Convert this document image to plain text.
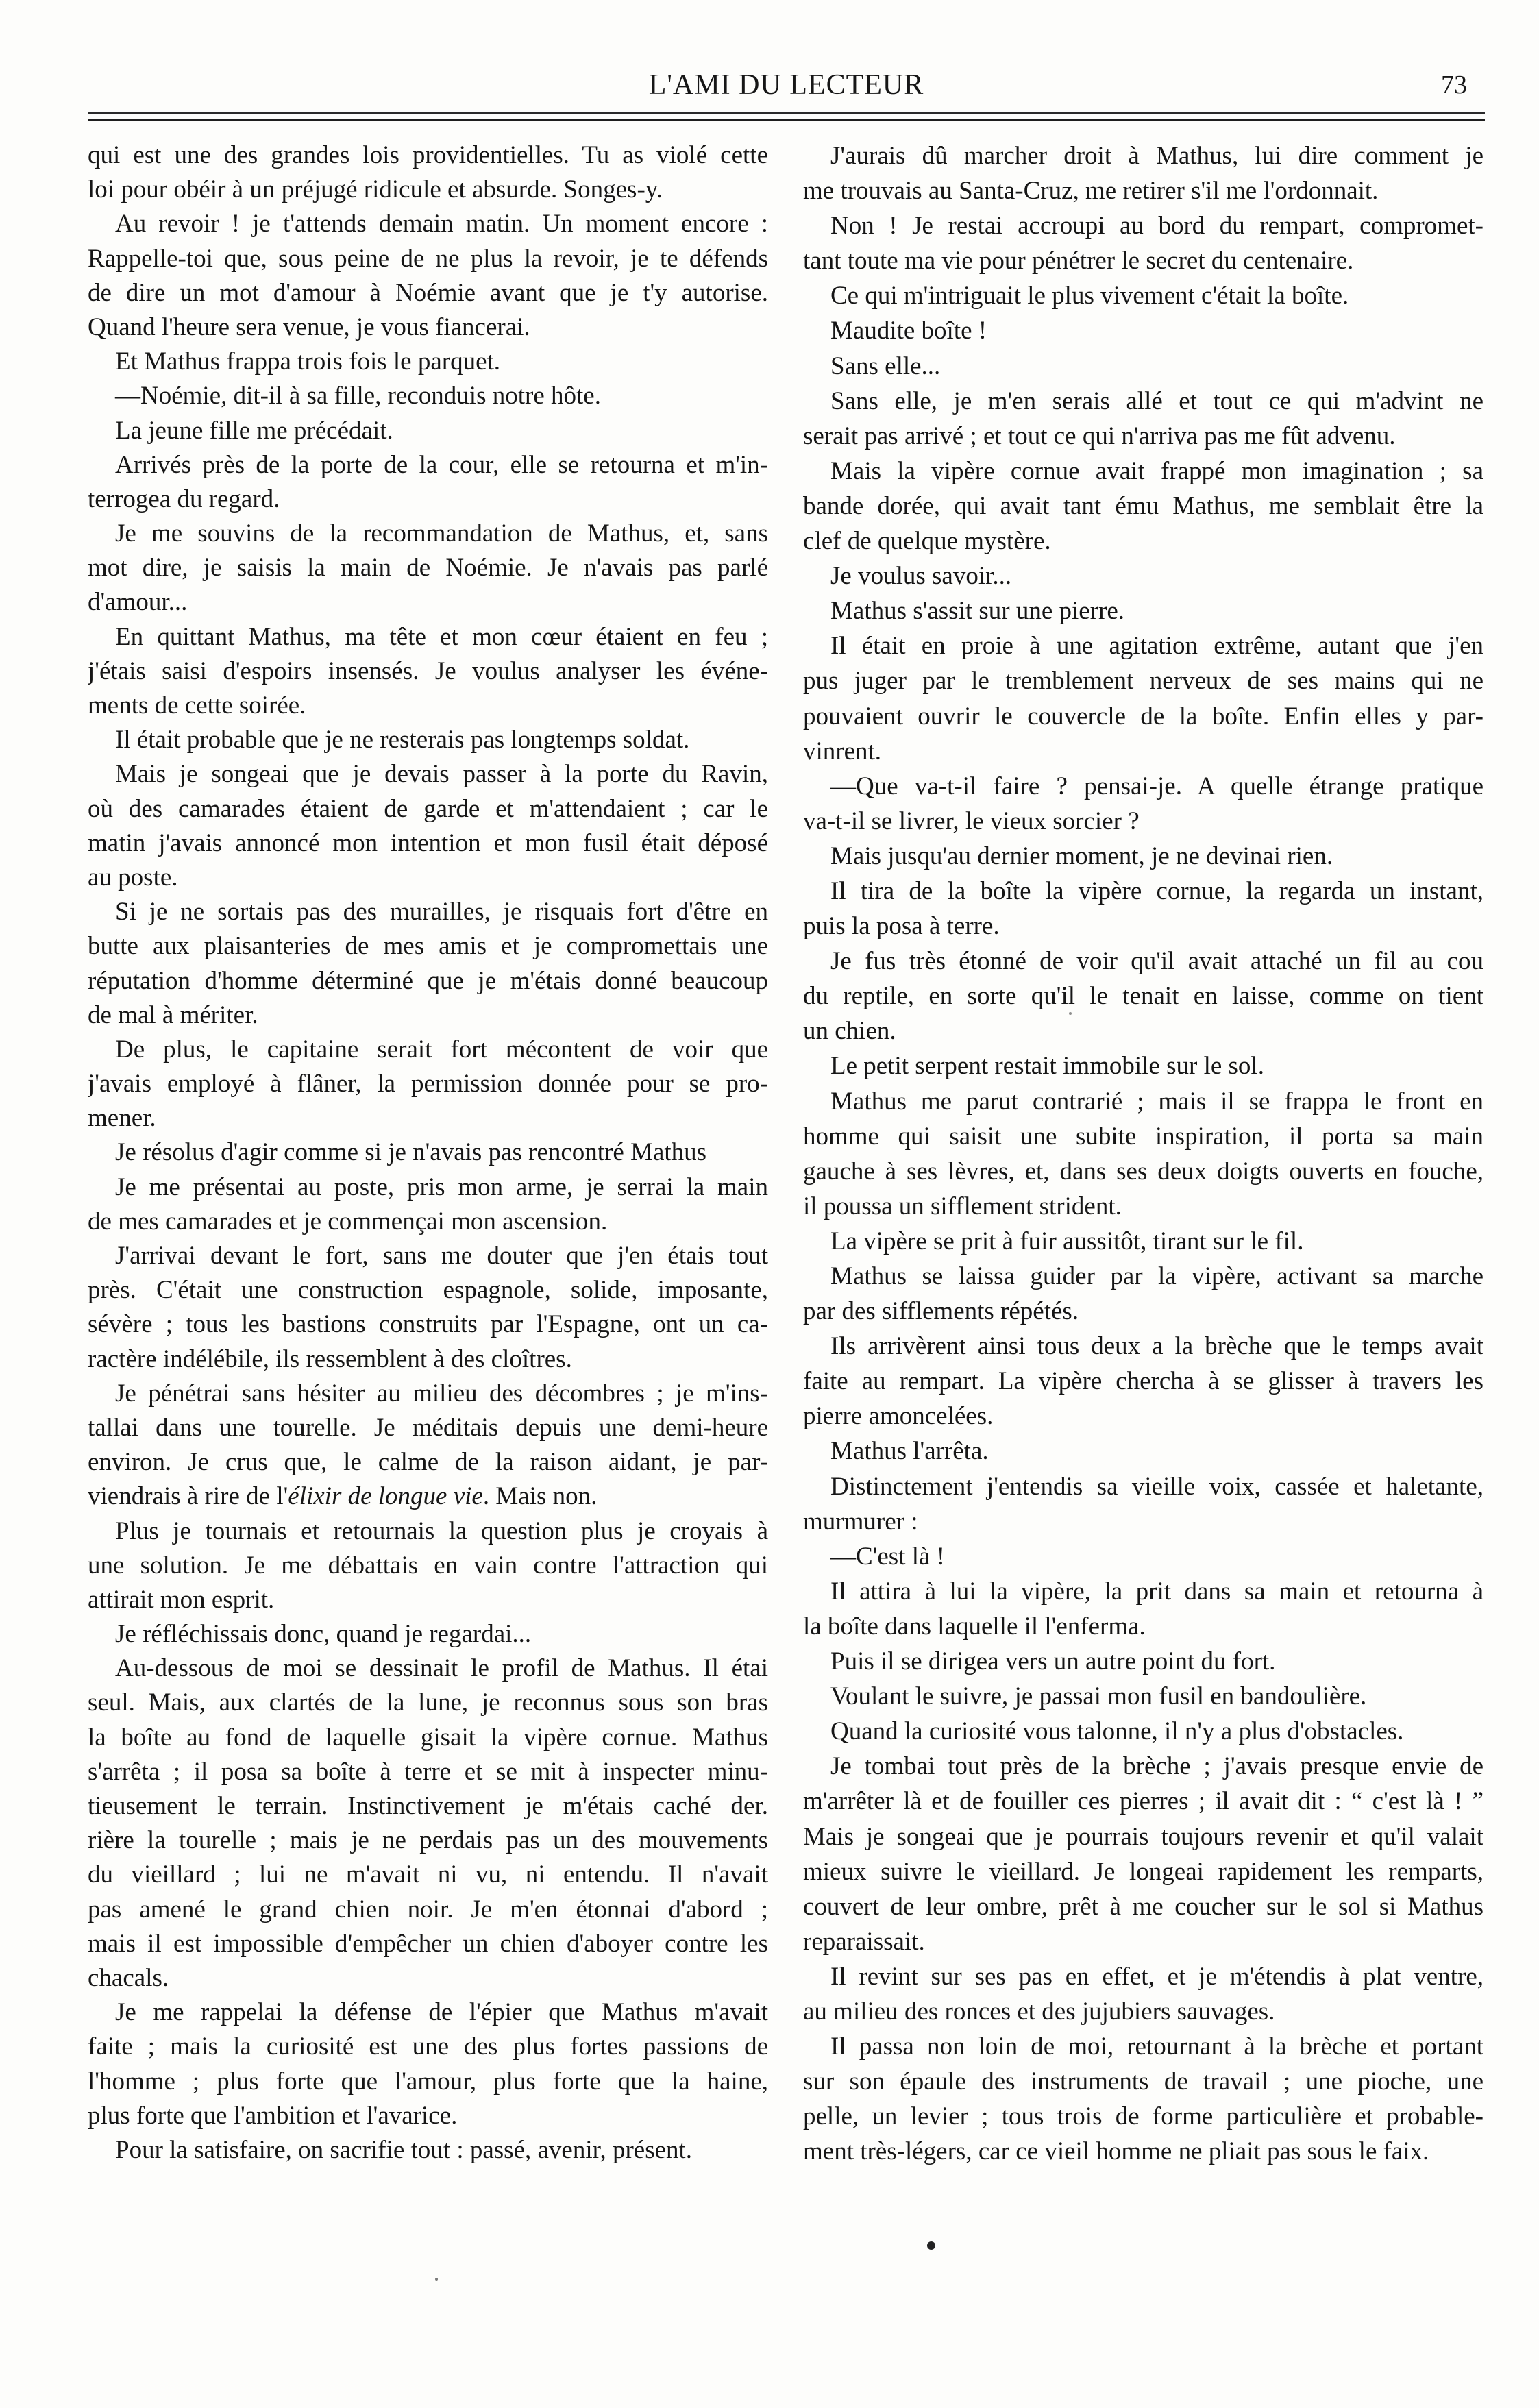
L'AMI DU LECTEUR	73
qui est une des grandes lois providentielles. Tu as violé cette
loi pour obéir à un préjugé ridicule et absurde. Songes-y.
Au revoir ! je t'attends demain matin. Un moment encore :
Rappelle-toi que, sous peine de ne plus la revoir, je te défends
de dire un mot d'amour à Noémie avant que je t'y autorise.
Quand l'heure sera venue, je vous fiancerai.
Et Mathus frappa trois fois le parquet.
—Noémie, dit-il à sa fille, reconduis notre hôte.
La jeune fille me précédait.
Arrivés près de la porte de la cour, elle se retourna et m'in-
terrogea du regard.
Je me souvins de la recommandation de Mathus, et, sans
mot dire, je saisis la main de Noémie. Je n'avais pas parlé
d'amour...
En quittant Mathus, ma tête et mon cœur étaient en feu ;
j'étais saisi d'espoirs insensés. Je voulus analyser les événe-
ments de cette soirée.
Il était probable que je ne resterais pas longtemps soldat.
Mais je songeai que je devais passer à la porte du Ravin,
où des camarades étaient de garde et m'attendaient ; car le
matin j'avais annoncé mon intention et mon fusil était déposé
au poste.
Si je ne sortais pas des murailles, je risquais fort d'être en
butte aux plaisanteries de mes amis et je compromettais une
réputation d'homme déterminé que je m'étais donné beaucoup
de mal à mériter.
De plus, le capitaine serait fort mécontent de voir que
j'avais employé à flâner, la permission donnée pour se pro-
mener.
Je résolus d'agir comme si je n'avais pas rencontré Mathus
Je me présentai au poste, pris mon arme, je serrai la main
de mes camarades et je commençai mon ascension.
J'arrivai devant le fort, sans me douter que j'en étais tout
près. C'était une construction espagnole, solide, imposante,
sévère ; tous les bastions construits par l'Espagne, ont un ca-
ractère indélébile, ils ressemblent à des cloîtres.
Je pénétrai sans hésiter au milieu des décombres ; je m'ins-
tallai dans une tourelle. Je méditais depuis une demi-heure
environ. Je crus que, le calme de la raison aidant, je par-
viendrais à rire de l'élixir de longue vie. Mais non.
Plus je tournais et retournais la question plus je croyais à
une solution. Je me débattais en vain contre l'attraction qui
attirait mon esprit.
Je réfléchissais donc, quand je regardai...
Au-dessous de moi se dessinait le profil de Mathus. Il étai
seul. Mais, aux clartés de la lune, je reconnus sous son bras
la boîte au fond de laquelle gisait la vipère cornue. Mathus
s'arrêta ; il posa sa boîte à terre et se mit à inspecter minu-
tieusement le terrain. Instinctivement je m'étais caché der.
rière la tourelle ; mais je ne perdais pas un des mouvements
du vieillard ; lui ne m'avait ni vu, ni entendu. Il n'avait
pas amené le grand chien noir. Je m'en étonnai d'abord ;
mais il est impossible d'empêcher un chien d'aboyer contre les
chacals.
Je me rappelai la défense de l'épier que Mathus m'avait
faite ; mais la curiosité est une des plus fortes passions de
l'homme ; plus forte que l'amour, plus forte que la haine,
plus forte que l'ambition et l'avarice.
Pour la satisfaire, on sacrifie tout : passé, avenir, présent.
J'aurais dû marcher droit à Mathus, lui dire comment je
me trouvais au Santa-Cruz, me retirer s'il me l'ordonnait.
Non ! Je restai accroupi au bord du rempart, compromet-
tant toute ma vie pour pénétrer le secret du centenaire.
Ce qui m'intriguait le plus vivement c'était la boîte.
Maudite boîte !
Sans elle...
Sans elle, je m'en serais allé et tout ce qui m'advint ne
serait pas arrivé ; et tout ce qui n'arriva pas me fût advenu.
Mais la vipère cornue avait frappé mon imagination ; sa
bande dorée, qui avait tant ému Mathus, me semblait être la
clef de quelque mystère.
Je voulus savoir...
Mathus s'assit sur une pierre.
Il était en proie à une agitation extrême, autant que j'en
pus juger par le tremblement nerveux de ses mains qui ne
pouvaient ouvrir le couvercle de la boîte. Enfin elles y par-
vinrent.
—Que va-t-il faire ? pensai-je. A quelle étrange pratique
va-t-il se livrer, le vieux sorcier ?
Mais jusqu'au dernier moment, je ne devinai rien.
Il tira de la boîte la vipère cornue, la regarda un instant,
puis la posa à terre.
Je fus très étonné de voir qu'il avait attaché un fil au cou
du reptile, en sorte qu'il le tenait en laisse, comme on tient
un chien.
Le petit serpent restait immobile sur le sol.
Mathus me parut contrarié ; mais il se frappa le front en
homme qui saisit une subite inspiration, il porta sa main
gauche à ses lèvres, et, dans ses deux doigts ouverts en fouche,
il poussa un sifflement strident.
La vipère se prit à fuir aussitôt, tirant sur le fil.
Mathus se laissa guider par la vipère, activant sa marche
par des sifflements répétés.
Ils arrivèrent ainsi tous deux a la brèche que le temps avait
faite au rempart. La vipère chercha à se glisser à travers les
pierre amoncelées.
Mathus l'arrêta.
Distinctement j'entendis sa vieille voix, cassée et haletante,
murmurer :
—C'est là !
Il attira à lui la vipère, la prit dans sa main et retourna à
la boîte dans laquelle il l'enferma.
Puis il se dirigea vers un autre point du fort.
Voulant le suivre, je passai mon fusil en bandoulière.
Quand la curiosité vous talonne, il n'y a plus d'obstacles.
Je tombai tout près de la brèche ; j'avais presque envie de
m'arrêter là et de fouiller ces pierres ; il avait dit : “ c'est là ! ”
Mais je songeai que je pourrais toujours revenir et qu'il valait
mieux suivre le vieillard. Je longeai rapidement les remparts,
couvert de leur ombre, prêt à me coucher sur le sol si Mathus
reparaissait.
Il revint sur ses pas en effet, et je m'étendis à plat ventre,
au milieu des ronces et des jujubiers sauvages.
Il passa non loin de moi, retournant à la brèche et portant
sur son épaule des instruments de travail ; une pioche, une
pelle, un levier ; tous trois de forme particulière et probable-
ment très-légers, car ce vieil homme ne pliait pas sous le faix.
